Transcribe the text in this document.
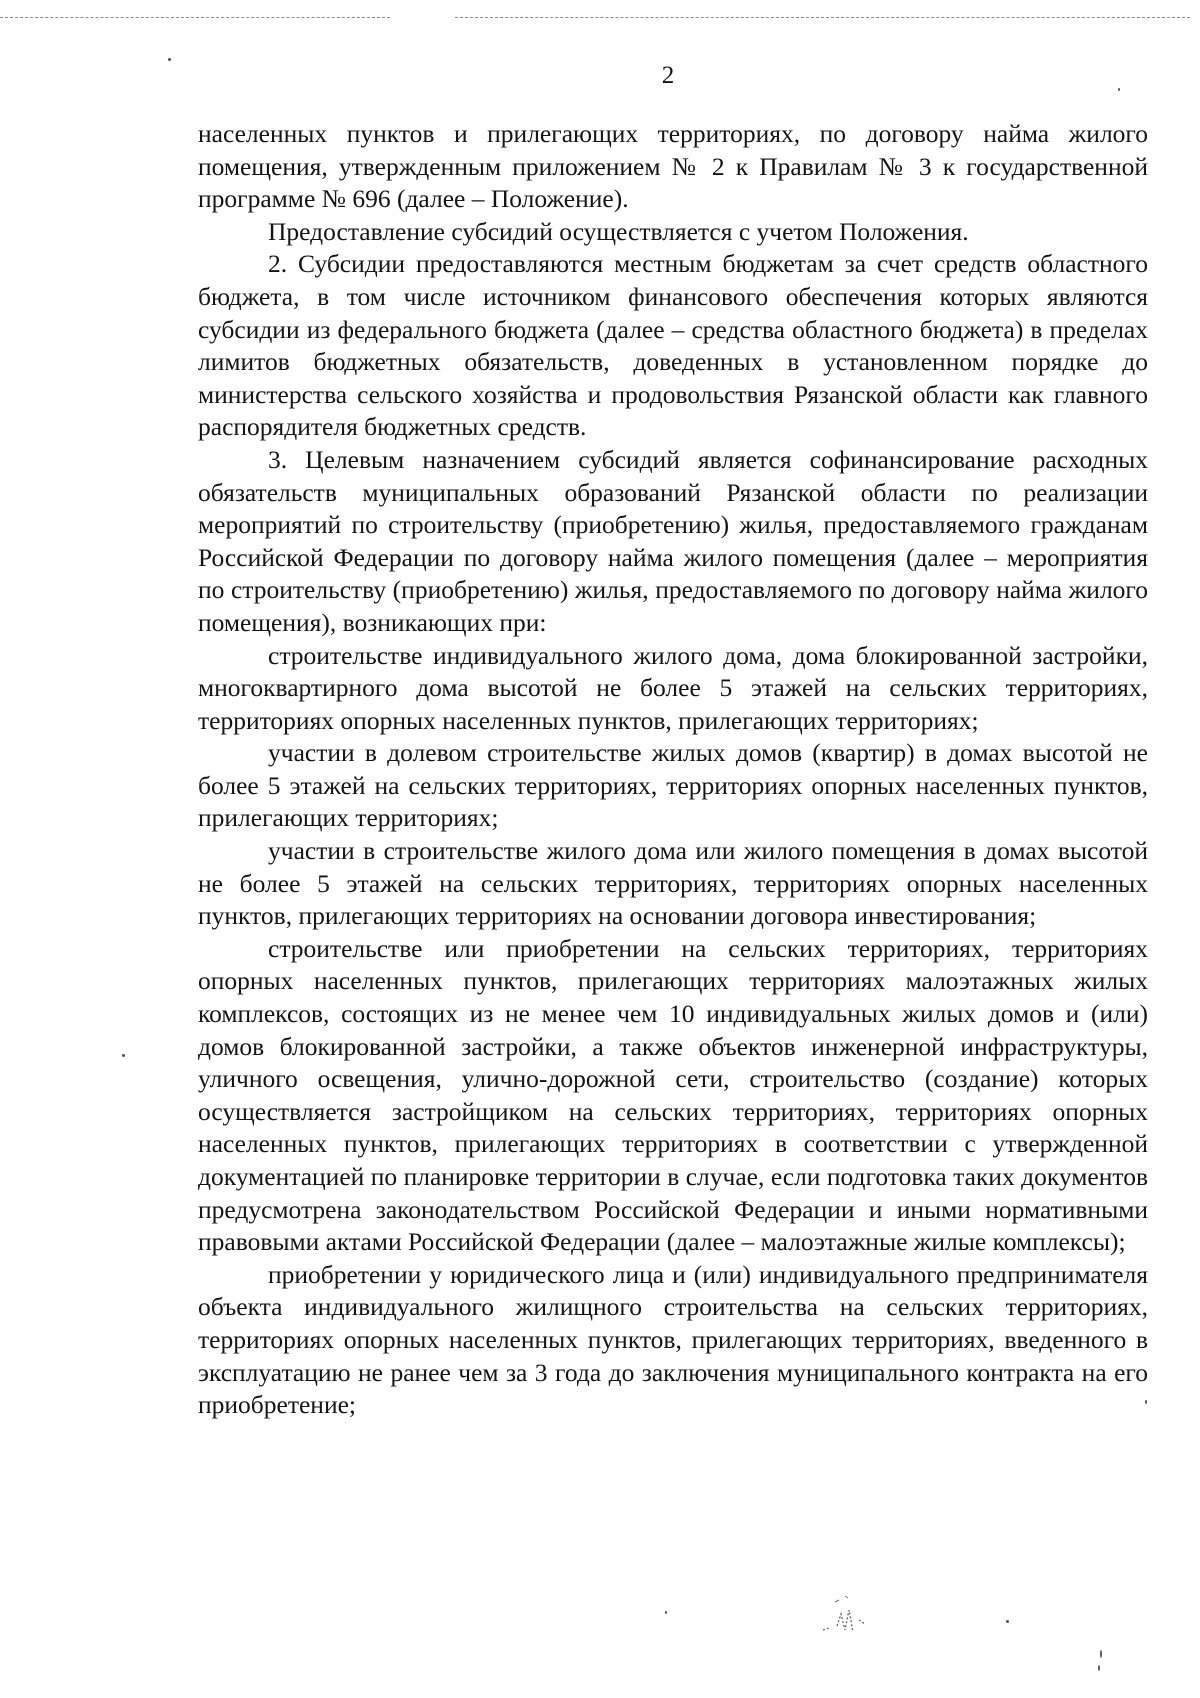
2

населенных пунктов и прилегающих территориях, по договору найма жилого помещения, утвержденным приложением № 2 к Правилам № 3 к государственной программе № 696 (далее – Положение).

Предоставление субсидий осуществляется с учетом Положения.

2. Субсидии предоставляются местным бюджетам за счет средств областного бюджета, в том числе источником финансового обеспечения которых являются субсидии из федерального бюджета (далее – средства областного бюджета) в пределах лимитов бюджетных обязательств, доведенных в установленном порядке до министерства сельского хозяйства и продовольствия Рязанской области как главного распорядителя бюджетных средств.

3. Целевым назначением субсидий является софинансирование расходных обязательств муниципальных образований Рязанской области по реализации мероприятий по строительству (приобретению) жилья, предоставляемого гражданам Российской Федерации по договору найма жилого помещения (далее – мероприятия по строительству (приобретению) жилья, предоставляемого по договору найма жилого помещения), возникающих при:

строительстве индивидуального жилого дома, дома блокированной застройки, многоквартирного дома высотой не более 5 этажей на сельских территориях, территориях опорных населенных пунктов, прилегающих территориях;

участии в долевом строительстве жилых домов (квартир) в домах высотой не более 5 этажей на сельских территориях, территориях опорных населенных пунктов, прилегающих территориях;

участии в строительстве жилого дома или жилого помещения в домах высотой не более 5 этажей на сельских территориях, территориях опорных населенных пунктов, прилегающих территориях на основании договора инвестирования;

строительстве или приобретении на сельских территориях, территориях опорных населенных пунктов, прилегающих территориях малоэтажных жилых комплексов, состоящих из не менее чем 10 индивидуальных жилых домов и (или) домов блокированной застройки, а также объектов инженерной инфраструктуры, уличного освещения, улично-дорожной сети, строительство (создание) которых осуществляется застройщиком на сельских территориях, территориях опорных населенных пунктов, прилегающих территориях в соответствии с утвержденной документацией по планировке территории в случае, если подготовка таких документов предусмотрена законодательством Российской Федерации и иными нормативными правовыми актами Российской Федерации (далее – малоэтажные жилые комплексы);

приобретении у юридического лица и (или) индивидуального предпринимателя объекта индивидуального жилищного строительства на сельских территориях, территориях опорных населенных пунктов, прилегающих территориях, введенного в эксплуатацию не ранее чем за 3 года до заключения муниципального контракта на его приобретение;
